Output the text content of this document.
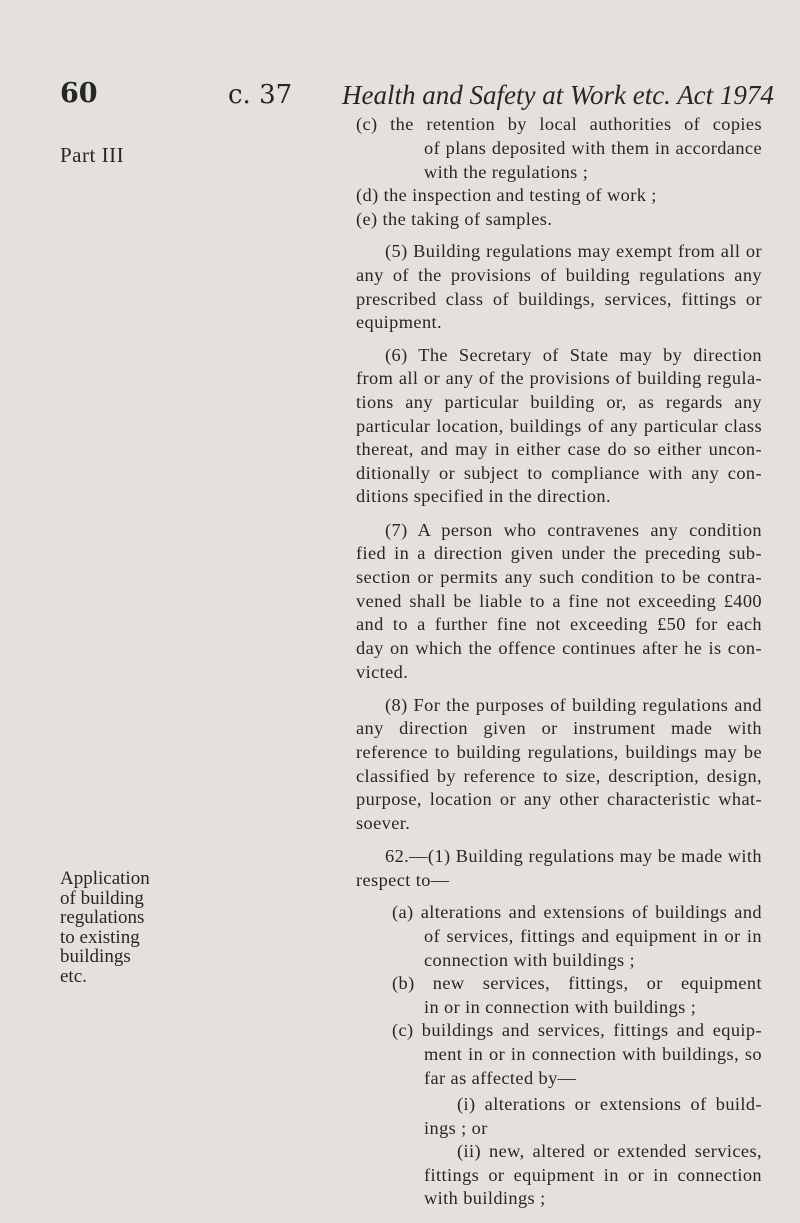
60	c. 37 Health and Safety at Work etc. Act 1974
Part III
Application
of building
regulations
to existing
buildings
etc.
(c) the retention by local authorities of copies
of plans deposited with them in accordance
with the regulations ;
(d) the inspection and testing of work ;
(e) the taking of samples.
(5) Building regulations may exempt from all or
any of the provisions of building regulations any
prescribed class of buildings, services, fittings or
equipment.
(6) The Secretary of State may by direction
from all or any of the provisions of building regula-
tions any particular building or, as regards any
particular location, buildings of any particular class
thereat, and may in either case do so either uncon-
ditionally or subject to compliance with any con-
ditions specified in the direction.
(7) A person who contravenes any condition
fied in a direction given under the preceding sub-
section or permits any such condition to be contra-
vened shall be liable to a fine not exceeding £400
and to a further fine not exceeding £50 for each
day on which the offence continues after he is con-
victed.
(8) For the purposes of building regulations and
any direction given or instrument made with
reference to building regulations, buildings may be
classified by reference to size, description, design,
purpose, location or any other characteristic what-
soever.
62.—(1) Building regulations may be made with
respect to—
(a) alterations and extensions of buildings and
of services, fittings and equipment in or in
connection with buildings ;
(b) new services, fittings, or equipment
in or in connection with buildings ;
(c) buildings and services, fittings and equip-
ment in or in connection with buildings, so
far as affected by—
(i) alterations or extensions of build-
ings ; or
(ii) new, altered or extended services,
fittings or equipment in or in connection
with buildings ;
